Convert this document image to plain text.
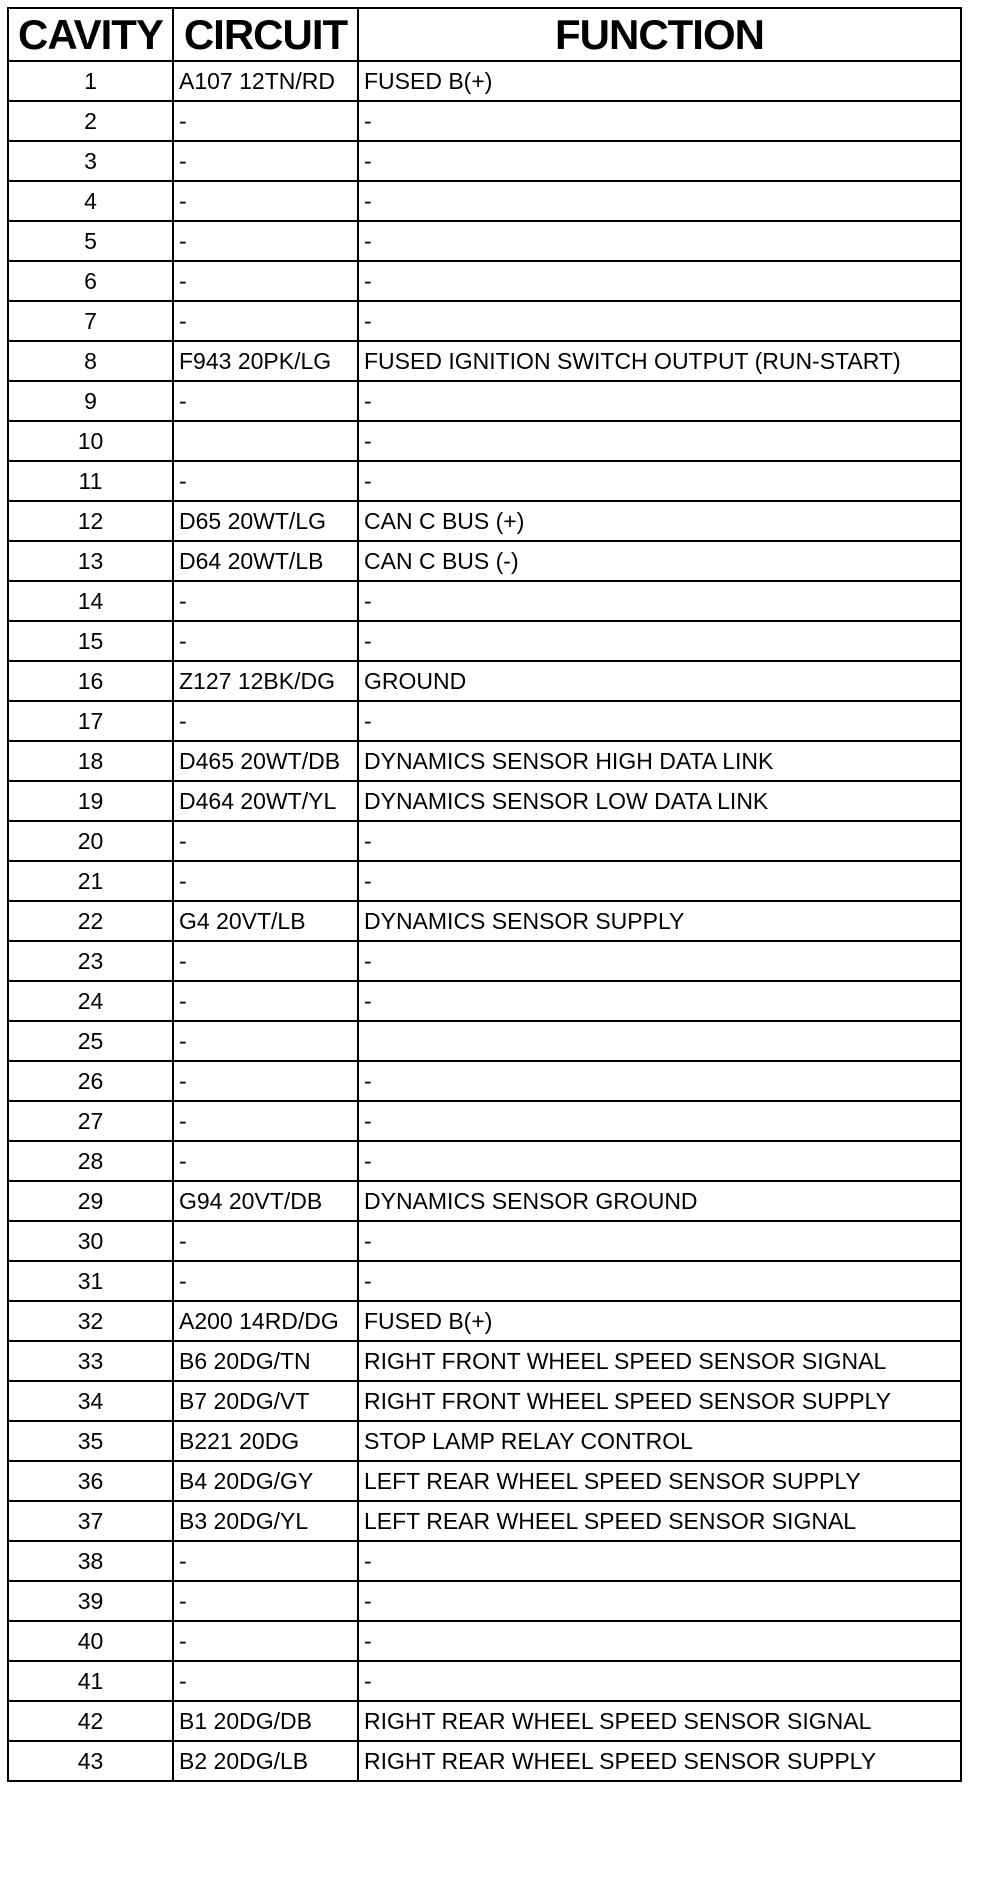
CAVITY	CIRCUIT	FUNCTION
1	A107 12TN/RD	FUSED B(+)
2	-	-
3	-	-
4	-	-
5	-	-
6	-	-
7	-	-
8	F943 20PK/LG	FUSED IGNITION SWITCH OUTPUT (RUN-START)
9	-	-
10		-
11	-	-
12	D65 20WT/LG	CAN C BUS (+)
13	D64 20WT/LB	CAN C BUS (-)
14	-	-
15	-	-
16	Z127 12BK/DG	GROUND
17	-	-
18	D465 20WT/DB	DYNAMICS SENSOR HIGH DATA LINK
19	D464 20WT/YL	DYNAMICS SENSOR LOW DATA LINK
20	-	-
21	-	-
22	G4 20VT/LB	DYNAMICS SENSOR SUPPLY
23	-	-
24	-	-
25	-	
26	-	-
27	-	-
28	-	-
29	G94 20VT/DB	DYNAMICS SENSOR GROUND
30	-	-
31	-	-
32	A200 14RD/DG	FUSED B(+)
33	B6 20DG/TN	RIGHT FRONT WHEEL SPEED SENSOR SIGNAL
34	B7 20DG/VT	RIGHT FRONT WHEEL SPEED SENSOR SUPPLY
35	B221 20DG	STOP LAMP RELAY CONTROL
36	B4 20DG/GY	LEFT REAR WHEEL SPEED SENSOR SUPPLY
37	B3 20DG/YL	LEFT REAR WHEEL SPEED SENSOR SIGNAL
38	-	-
39	-	-
40	-	-
41	-	-
42	B1 20DG/DB	RIGHT REAR WHEEL SPEED SENSOR SIGNAL
43	B2 20DG/LB	RIGHT REAR WHEEL SPEED SENSOR SUPPLY
